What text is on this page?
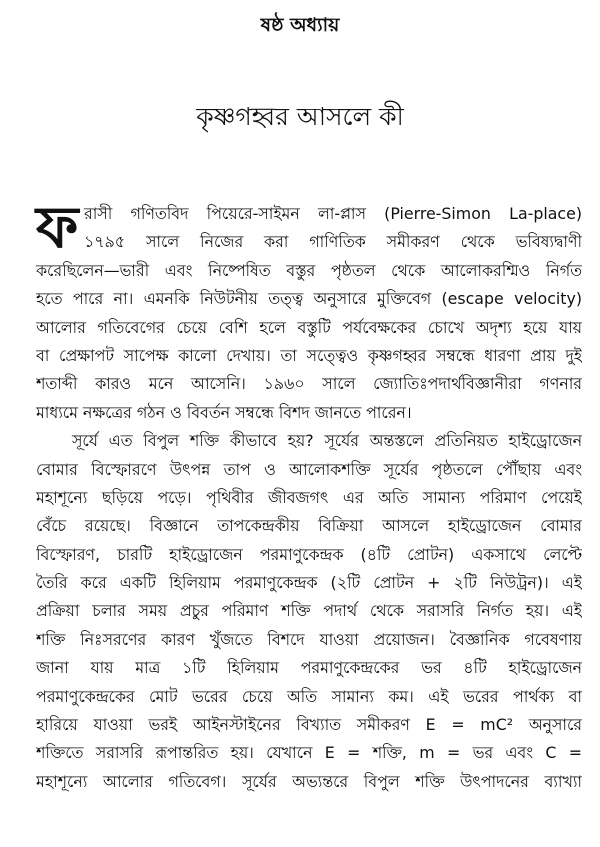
ষষ্ঠ অধ্যায়
কৃষ্ণগহ্বর আসলে কী
ফ রাসী গণিতবিদ পিয়েরে-সাইমন লা-প্লাস (Pierre-Simon La-place)
১৭৯৫ সালে নিজের করা গাণিতিক সমীকরণ থেকে ভবিষ্যদ্বাণী
করেছিলেন—ভারী এবং নিষ্পেষিত বস্তুর পৃষ্ঠতল থেকে আলোকরশ্মিও নির্গত
হতে পারে না। এমনকি নিউটনীয় তত্ত্ব অনুসারে মুক্তিবেগ (escape velocity)
আলোর গতিবেগের চেয়ে বেশি হলে বস্তুটি পর্যবেক্ষকের চোখে অদৃশ্য হয়ে যায়
বা প্রেক্ষাপট সাপেক্ষ কালো দেখায়। তা সত্ত্বেও কৃষ্ণগহ্বর সম্বন্ধে ধারণা প্রায় দুই
শতাব্দী কারও মনে আসেনি। ১৯৬০ সালে জ্যোতিঃপদার্থবিজ্ঞানীরা গণনার
মাধ্যমে নক্ষত্রের গঠন ও বিবর্তন সম্বন্ধে বিশদ জানতে পারেন।
সূর্যে এত বিপুল শক্তি কীভাবে হয়? সূর্যের অন্তস্তলে প্রতিনিয়ত হাইড্রোজেন
বোমার বিস্ফোরণে উৎপন্ন তাপ ও আলোকশক্তি সূর্যের পৃষ্ঠতলে পৌঁছায় এবং
মহাশূন্যে ছড়িয়ে পড়ে। পৃথিবীর জীবজগৎ এর অতি সামান্য পরিমাণ পেয়েই
বেঁচে রয়েছে। বিজ্ঞানে তাপকেন্দ্রকীয় বিক্রিয়া আসলে হাইড্রোজেন বোমার
বিস্ফোরণ, চারটি হাইড্রোজেন পরমাণুকেন্দ্রক (৪টি প্রোটন) একসাথে লেপ্টে
তৈরি করে একটি হিলিয়াম পরমাণুকেন্দ্রক (২টি প্রোটন + ২টি নিউট্রন)। এই
প্রক্রিয়া চলার সময় প্রচুর পরিমাণ শক্তি পদার্থ থেকে সরাসরি নির্গত হয়। এই
শক্তি নিঃসরণের কারণ খুঁজতে বিশদে যাওয়া প্রয়োজন। বৈজ্ঞানিক গবেষণায়
জানা যায় মাত্র ১টি হিলিয়াম পরমাণুকেন্দ্রকের ভর ৪টি হাইড্রোজেন
পরমাণুকেন্দ্রকের মোট ভরের চেয়ে অতি সামান্য কম। এই ভরের পার্থক্য বা
হারিয়ে যাওয়া ভরই আইনস্টাইনের বিখ্যাত সমীকরণ E = mC² অনুসারে
শক্তিতে সরাসরি রূপান্তরিত হয়। যেখানে E = শক্তি, m = ভর এবং C =
মহাশূন্যে আলোর গতিবেগ। সূর্যের অভ্যন্তরে বিপুল শক্তি উৎপাদনের ব্যাখ্যা
